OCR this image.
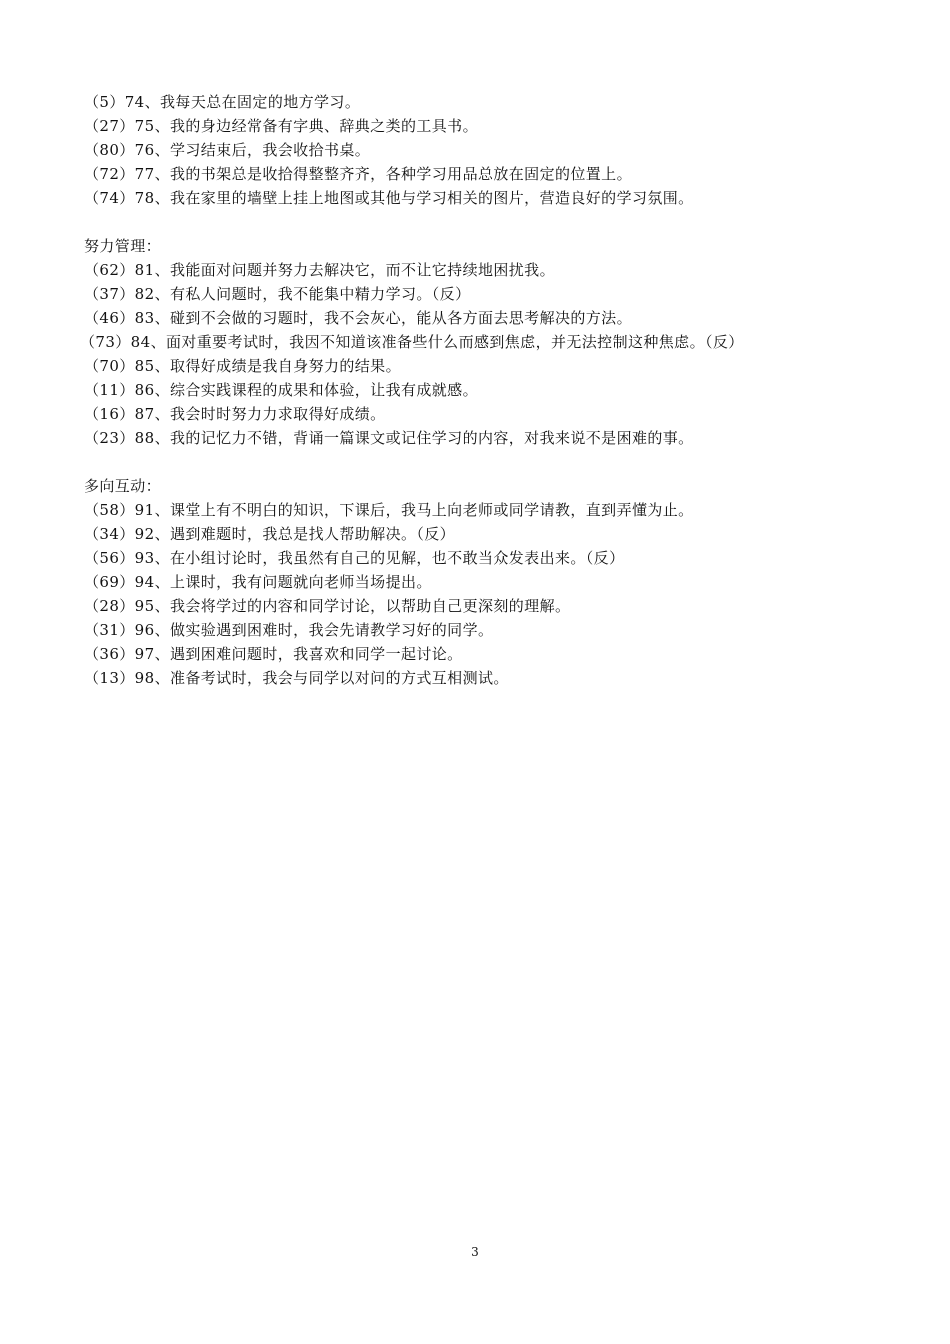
（5）74、我每天总在固定的地方学习。
（27）75、我的身边经常备有字典、辞典之类的工具书。
（80）76、学习结束后，我会收拾书桌。
（72）77、我的书架总是收拾得整整齐齐，各种学习用品总放在固定的位置上。
（74）78、我在家里的墙壁上挂上地图或其他与学习相关的图片，营造良好的学习氛围。
努力管理：
（62）81、我能面对问题并努力去解决它，而不让它持续地困扰我。
（37）82、有私人问题时，我不能集中精力学习。（反）
（46）83、碰到不会做的习题时，我不会灰心，能从各方面去思考解决的方法。
（73）84、面对重要考试时，我因不知道该准备些什么而感到焦虑，并无法控制这种焦虑。（反）
（70）85、取得好成绩是我自身努力的结果。
（11）86、综合实践课程的成果和体验，让我有成就感。
（16）87、我会时时努力力求取得好成绩。
（23）88、我的记忆力不错，背诵一篇课文或记住学习的内容，对我来说不是困难的事。
多向互动：
（58）91、课堂上有不明白的知识，下课后，我马上向老师或同学请教，直到弄懂为止。
（34）92、遇到难题时，我总是找人帮助解决。（反）
（56）93、在小组讨论时，我虽然有自己的见解，也不敢当众发表出来。（反）
（69）94、上课时，我有问题就向老师当场提出。
（28）95、我会将学过的内容和同学讨论，以帮助自己更深刻的理解。
（31）96、做实验遇到困难时，我会先请教学习好的同学。
（36）97、遇到困难问题时，我喜欢和同学一起讨论。
（13）98、准备考试时，我会与同学以对问的方式互相测试。
3
